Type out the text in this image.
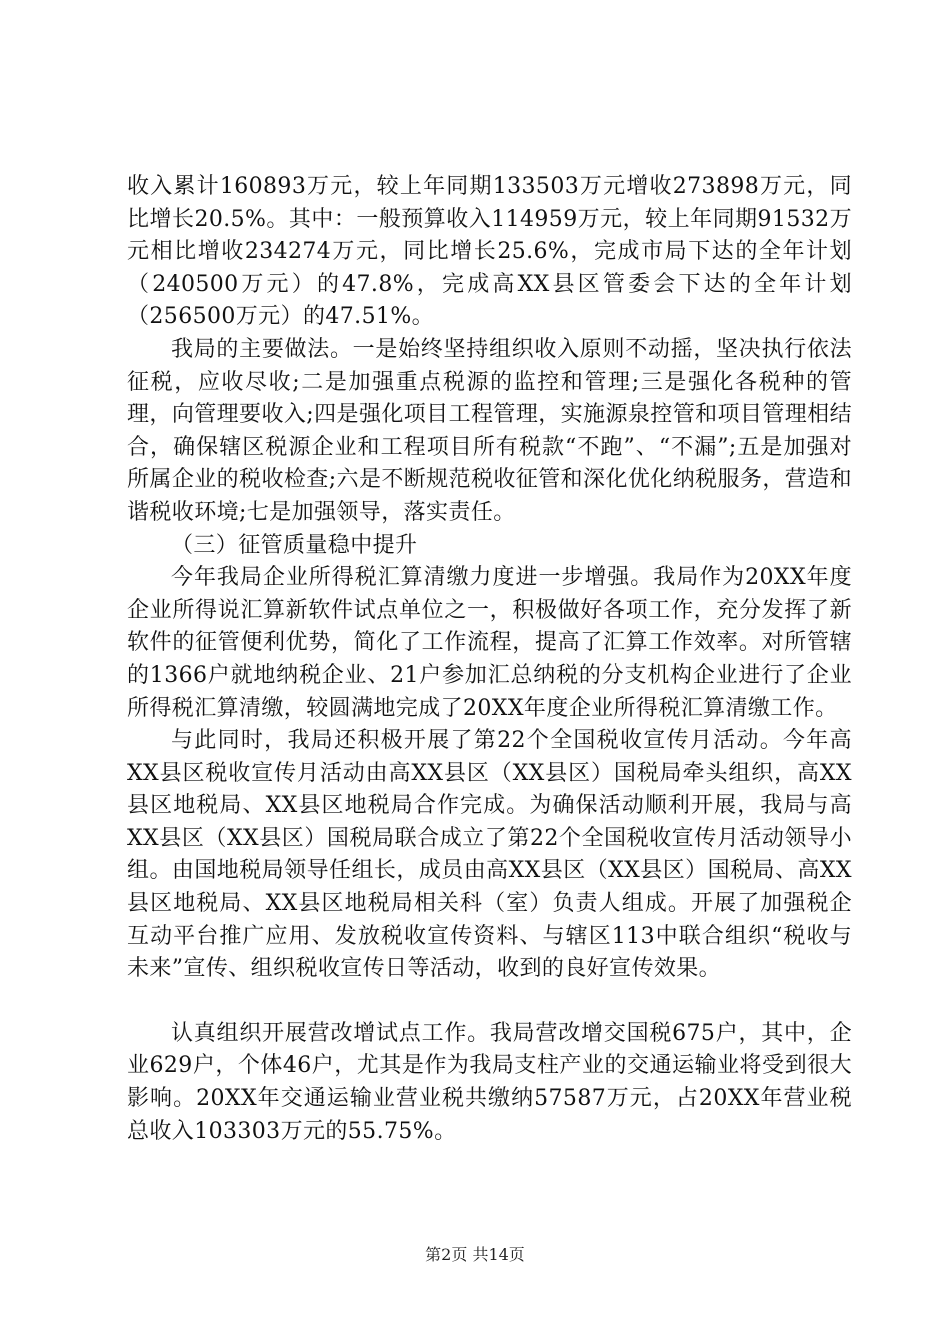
收入累计160893万元，较上年同期133503万元增收273898万元，同比增长20.5%。其中：一般预算收入114959万元，较上年同期91532万元相比增收234274万元，同比增长25.6%，完成市局下达的全年计划（240500万元）的47.8%，完成高XX县区管委会下达的全年计划（256500万元）的47.51%。

我局的主要做法。一是始终坚持组织收入原则不动摇，坚决执行依法征税，应收尽收;二是加强重点税源的监控和管理;三是强化各税种的管理，向管理要收入;四是强化项目工程管理，实施源泉控管和项目管理相结合，确保辖区税源企业和工程项目所有税款“不跑”、“不漏”;五是加强对所属企业的税收检查;六是不断规范税收征管和深化优化纳税服务，营造和谐税收环境;七是加强领导，落实责任。

（三）征管质量稳中提升

今年我局企业所得税汇算清缴力度进一步增强。我局作为20XX年度企业所得说汇算新软件试点单位之一，积极做好各项工作，充分发挥了新软件的征管便利优势，简化了工作流程，提高了汇算工作效率。对所管辖的1366户就地纳税企业、21户参加汇总纳税的分支机构企业进行了企业所得税汇算清缴，较圆满地完成了20XX年度企业所得税汇算清缴工作。

与此同时，我局还积极开展了第22个全国税收宣传月活动。今年高XX县区税收宣传月活动由高XX县区（XX县区）国税局牵头组织，高XX县区地税局、XX县区地税局合作完成。为确保活动顺利开展，我局与高XX县区（XX县区）国税局联合成立了第22个全国税收宣传月活动领导小组。由国地税局领导任组长，成员由高XX县区（XX县区）国税局、高XX县区地税局、XX县区地税局相关科（室）负责人组成。开展了加强税企互动平台推广应用、发放税收宣传资料、与辖区113中联合组织“税收与未来”宣传、组织税收宣传日等活动，收到的良好宣传效果。

认真组织开展营改增试点工作。我局营改增交国税675户，其中，企业629户，个体46户，尤其是作为我局支柱产业的交通运输业将受到很大影响。20XX年交通运输业营业税共缴纳57587万元，占20XX年营业税总收入103303万元的55.75%。

第2页 共14页
